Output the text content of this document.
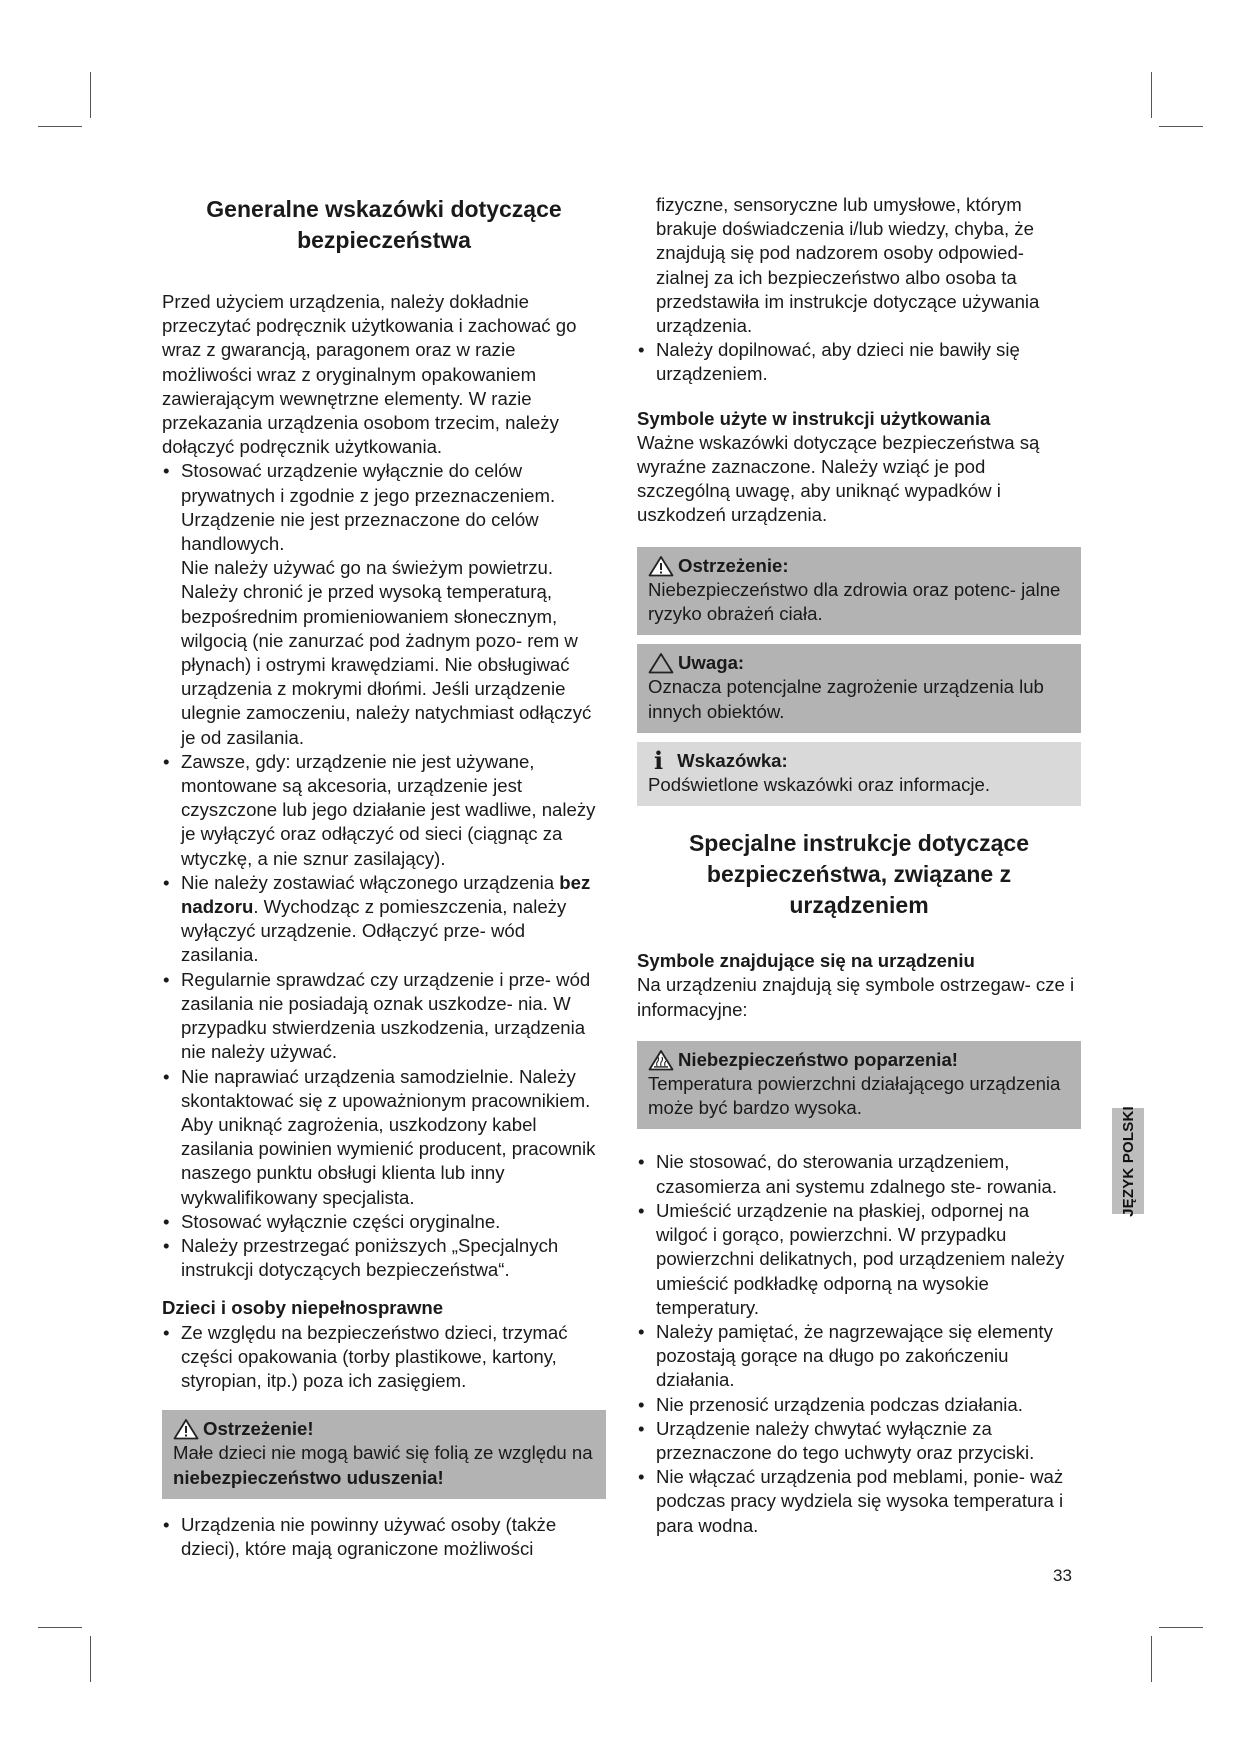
Generalne wskazówki dotyczące bezpieczeństwa

Przed użyciem urządzenia, należy dokładnie przeczytać podręcznik użytkowania i zachować go wraz z gwarancją, paragonem oraz w razie możliwości wraz z oryginalnym opakowaniem zawierającym wewnętrzne elementy. W razie przekazania urządzenia osobom trzecim, należy dołączyć podręcznik użytkowania.

• Stosować urządzenie wyłącznie do celów prywatnych i zgodnie z jego przeznaczeniem. Urządzenie nie jest przeznaczone do celów handlowych.
Nie należy używać go na świeżym powietrzu. Należy chronić je przed wysoką temperaturą, bezpośrednim promieniowaniem słonecznym, wilgocią (nie zanurzać pod żadnym pozo- rem w płynach) i ostrymi krawędziami. Nie obsługiwać urządzenia z mokrymi dłońmi. Jeśli urządzenie ulegnie zamoczeniu, należy natychmiast odłączyć je od zasilania.
• Zawsze, gdy: urządzenie nie jest używane, montowane są akcesoria, urządzenie jest czyszczone lub jego działanie jest wadliwe, należy je wyłączyć oraz odłączyć od sieci (ciągnąc za wtyczkę, a nie sznur zasilający).
• Nie należy zostawiać włączonego urządzenia bez nadzoru. Wychodząc z pomieszczenia, należy wyłączyć urządzenie. Odłączyć prze- wód zasilania.
• Regularnie sprawdzać czy urządzenie i prze- wód zasilania nie posiadają oznak uszkodze- nia. W przypadku stwierdzenia uszkodzenia, urządzenia nie należy używać.
• Nie naprawiać urządzenia samodzielnie. Należy skontaktować się z upoważnionym pracownikiem. Aby uniknąć zagrożenia, uszkodzony kabel zasilania powinien wymienić producent, pracownik naszego punktu obsługi klienta lub inny wykwalifikowany specjalista.
• Stosować wyłącznie części oryginalne.
• Należy przestrzegać poniższych „Specjalnych instrukcji dotyczących bezpieczeństwa“.
Dzieci i osoby niepełnosprawne
• Ze względu na bezpieczeństwo dzieci, trzymać części opakowania (torby plastikowe, kartony, styropian, itp.) poza ich zasięgiem.
Ostrzeżenie!
Małe dzieci nie mogą bawić się folią ze względu na niebezpieczeństwo uduszenia!
• Urządzenia nie powinny używać osoby (także dzieci), które mają ograniczone możliwości

fizyczne, sensoryczne lub umysłowe, którym brakuje doświadczenia i/lub wiedzy, chyba, że znajdują się pod nadzorem osoby odpowied- zialnej za ich bezpieczeństwo albo osoba ta przedstawiła im instrukcje dotyczące używania urządzenia.

• Należy dopilnować, aby dzieci nie bawiły się urządzeniem.
Symbole użyte w instrukcji użytkowania

Ważne wskazówki dotyczące bezpieczeństwa są wyraźne zaznaczone. Należy wziąć je pod szczególną uwagę, aby uniknąć wypadków i uszkodzeń urządzenia.

Ostrzeżenie:
Niebezpieczeństwo dla zdrowia oraz potenc- jalne ryzyko obrażeń ciała.
Uwaga:
Oznacza potencjalne zagrożenie urządzenia lub innych obiektów.
i Wskazówka:
Podświetlone wskazówki oraz informacje.
Specjalne instrukcje dotyczące bezpieczeństwa, związane z urządzeniem
Symbole znajdujące się na urządzeniu

Na urządzeniu znajdują się symbole ostrzegaw- cze i informacyjne:

Niebezpieczeństwo poparzenia!
Temperatura powierzchni działającego urządzenia może być bardzo wysoka.
• Nie stosować, do sterowania urządzeniem, czasomierza ani systemu zdalnego ste- rowania.
• Umieścić urządzenie na płaskiej, odpornej na wilgoć i gorąco, powierzchni. W przypadku powierzchni delikatnych, pod urządzeniem należy umieścić podkładkę odporną na wysokie temperatury.
• Należy pamiętać, że nagrzewające się elementy pozostają gorące na długo po zakończeniu działania.
• Nie przenosić urządzenia podczas działania.
• Urządzenie należy chwytać wyłącznie za przeznaczone do tego uchwyty oraz przyciski.
• Nie włączać urządzenia pod meblami, ponie- waż podczas pracy wydziela się wysoka temperatura i para wodna.
JĘZYK POLSKI
33
